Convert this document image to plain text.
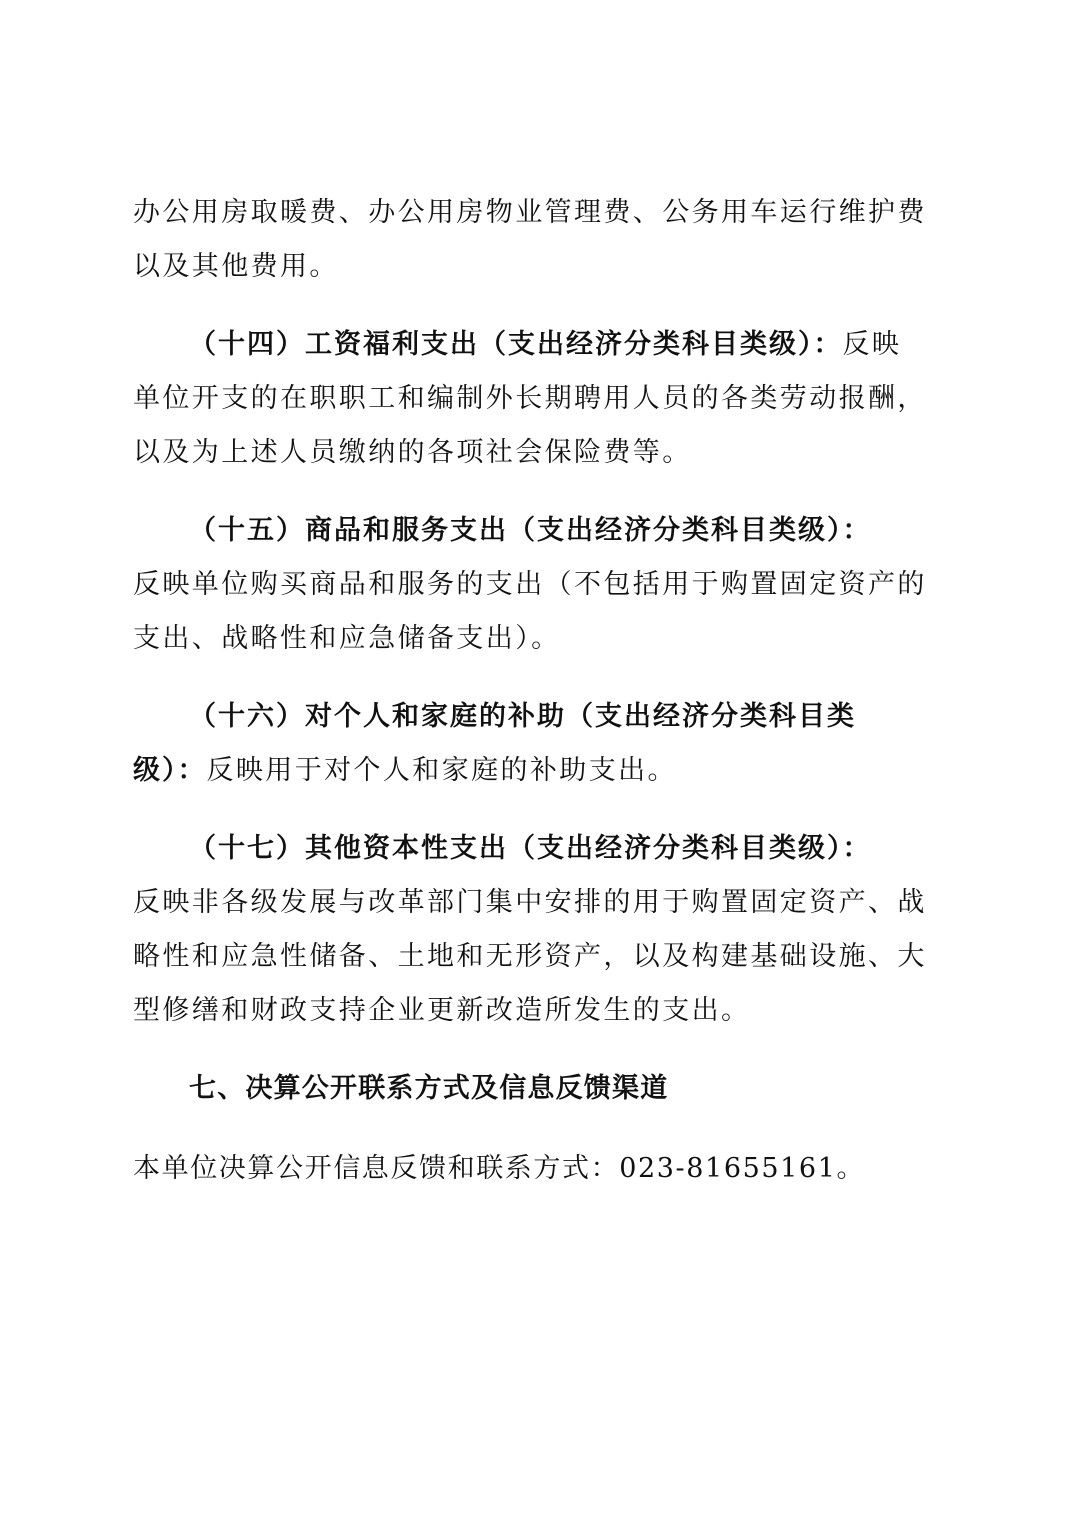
办公用房取暖费、办公用房物业管理费、公务用车运行维护费
以及其他费用。
（十四）工资福利支出（支出经济分类科目类级）：反映
单位开支的在职职工和编制外长期聘用人员的各类劳动报酬，
以及为上述人员缴纳的各项社会保险费等。
（十五）商品和服务支出（支出经济分类科目类级）：
反映单位购买商品和服务的支出（不包括用于购置固定资产的
支出、战略性和应急储备支出）。
（十六）对个人和家庭的补助（支出经济分类科目类
级）：反映用于对个人和家庭的补助支出。
（十七）其他资本性支出（支出经济分类科目类级）：
反映非各级发展与改革部门集中安排的用于购置固定资产、战
略性和应急性储备、土地和无形资产，以及构建基础设施、大
型修缮和财政支持企业更新改造所发生的支出。
七、决算公开联系方式及信息反馈渠道
本单位决算公开信息反馈和联系方式：023-81655161。
